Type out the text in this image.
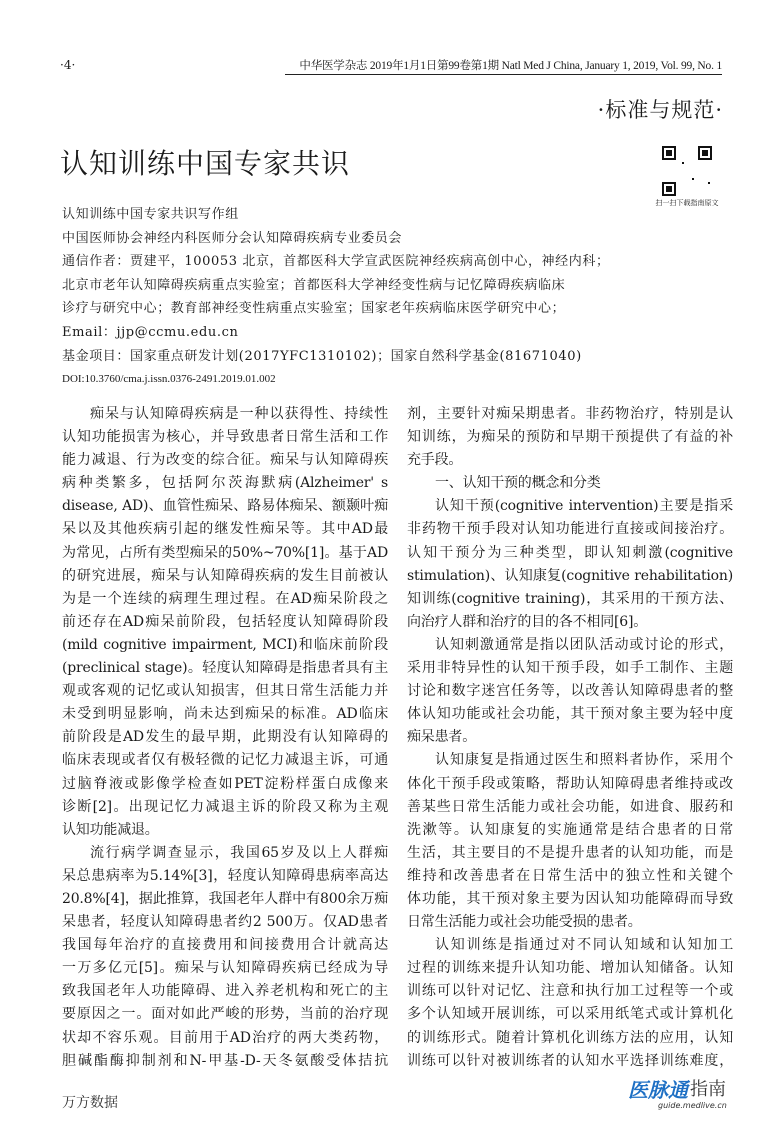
·4·	中华医学杂志 2019年1月1日第99卷第1期 Natl Med J China, January 1, 2019, Vol. 99, No. 1
·标准与规范·
认知训练中国专家共识
扫一扫下载指南原文
认知训练中国专家共识写作组
中国医师协会神经内科医师分会认知障碍疾病专业委员会
通信作者：贾建平，100053 北京，首都医科大学宣武医院神经疾病高创中心，神经内科；
北京市老年认知障碍疾病重点实验室；首都医科大学神经变性病与记忆障碍疾病临床
诊疗与研究中心；教育部神经变性病重点实验室；国家老年疾病临床医学研究中心；
Email：jjp@ccmu.edu.cn
基金项目：国家重点研发计划(2017YFC1310102)；国家自然科学基金(81671040)
DOI:10.3760/cma.j.issn.0376-2491.2019.01.002
痴呆与认知障碍疾病是一种以获得性、持续性
认知功能损害为核心，并导致患者日常生活和工作
能力减退、行为改变的综合征。痴呆与认知障碍疾
病种类繁多，包括阿尔茨海默病(Alzheimer' s
disease, AD)、血管性痴呆、路易体痴呆、额颞叶痴
呆以及其他疾病引起的继发性痴呆等。其中AD最
为常见，占所有类型痴呆的50%~70%[1]。基于AD
的研究进展，痴呆与认知障碍疾病的发生目前被认
为是一个连续的病理生理过程。在AD痴呆阶段之
前还存在AD痴呆前阶段，包括轻度认知障碍阶段
(mild cognitive impairment, MCI)和临床前阶段
(preclinical stage)。轻度认知障碍是指患者具有主
观或客观的记忆或认知损害，但其日常生活能力并
未受到明显影响，尚未达到痴呆的标准。AD临床
前阶段是AD发生的最早期，此期没有认知障碍的
临床表现或者仅有极轻微的记忆力减退主诉，可通
过脑脊液或影像学检查如PET淀粉样蛋白成像来
诊断[2]。出现记忆力减退主诉的阶段又称为主观
认知功能减退。
流行病学调查显示，我国65岁及以上人群痴
呆总患病率为5.14%[3]，轻度认知障碍患病率高达
20.8%[4]，据此推算，我国老年人群中有800余万痴
呆患者，轻度认知障碍患者约2 500万。仅AD患者
我国每年治疗的直接费用和间接费用合计就高达
一万多亿元[5]。痴呆与认知障碍疾病已经成为导
致我国老年人功能障碍、进入养老机构和死亡的主
要原因之一。面对如此严峻的形势，当前的治疗现
状却不容乐观。目前用于AD治疗的两大类药物，
胆碱酯酶抑制剂和N-甲基-D-天冬氨酸受体拮抗
剂，主要针对痴呆期患者。非药物治疗，特别是认
知训练，为痴呆的预防和早期干预提供了有益的补
充手段。
一、认知干预的概念和分类
认知干预(cognitive intervention)主要是指采
非药物干预手段对认知功能进行直接或间接治疗。
认知干预分为三种类型，即认知刺激(cognitive
stimulation)、认知康复(cognitive rehabilitation)
知训练(cognitive training)，其采用的干预方法、
向治疗人群和治疗的目的各不相同[6]。
认知刺激通常是指以团队活动或讨论的形式，
采用非特异性的认知干预手段，如手工制作、主题
讨论和数字迷宫任务等，以改善认知障碍患者的整
体认知功能或社会功能，其干预对象主要为轻中度
痴呆患者。
认知康复是指通过医生和照料者协作，采用个
体化干预手段或策略，帮助认知障碍患者维持或改
善某些日常生活能力或社会功能，如进食、服药和
洗漱等。认知康复的实施通常是结合患者的日常
生活，其主要目的不是提升患者的认知功能，而是
维持和改善患者在日常生活中的独立性和关键个
体功能，其干预对象主要为因认知功能障碍而导致
日常生活能力或社会功能受损的患者。
认知训练是指通过对不同认知域和认知加工
过程的训练来提升认知功能、增加认知储备。认知
训练可以针对记忆、注意和执行加工过程等一个或
多个认知域开展训练，可以采用纸笔式或计算机化
的训练形式。随着计算机化训练方法的应用，认知
训练可以针对被训练者的认知水平选择训练难度，
万方数据
医脉通 指南
guide.medlive.cn
